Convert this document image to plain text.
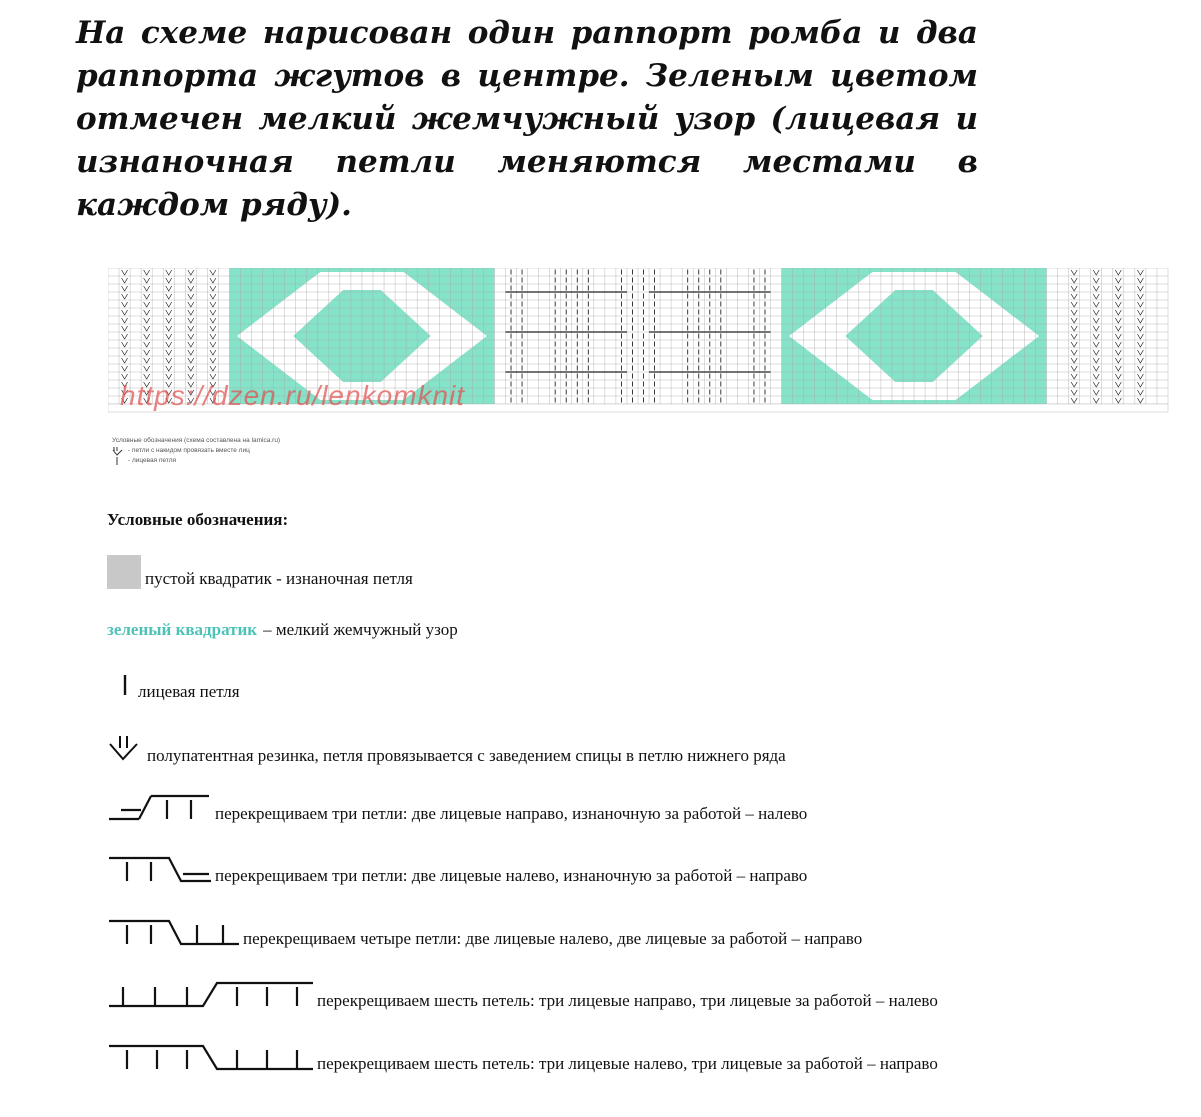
На схеме нарисован один раппорт ромба и два раппорта жгутов в центре. Зеленым цветом отмечен мелкий жемчужный узор (лицевая и изнаночная петли меняются местами в каждом ряду).

https://dzen.ru/lenkomknit
Условные обозначения (схема составлена на lamica.ru)
- петли с накидом провязать вместе лиц
- лицевая петля

Условные обозначения:

пустой квадратик - изнаночная петля
зеленый квадратик – мелкий жемчужный узор
лицевая петля
полупатентная резинка, петля провязывается с заведением спицы в петлю нижнего ряда
перекрещиваем три петли: две лицевые направо, изнаночную за работой – налево
перекрещиваем три петли: две лицевые налево, изнаночную за работой – направо
перекрещиваем четыре петли: две лицевые налево, две лицевые за работой – направо
перекрещиваем шесть петель: три лицевые направо, три лицевые за работой – налево
перекрещиваем шесть петель: три лицевые налево, три лицевые за работой – направо
